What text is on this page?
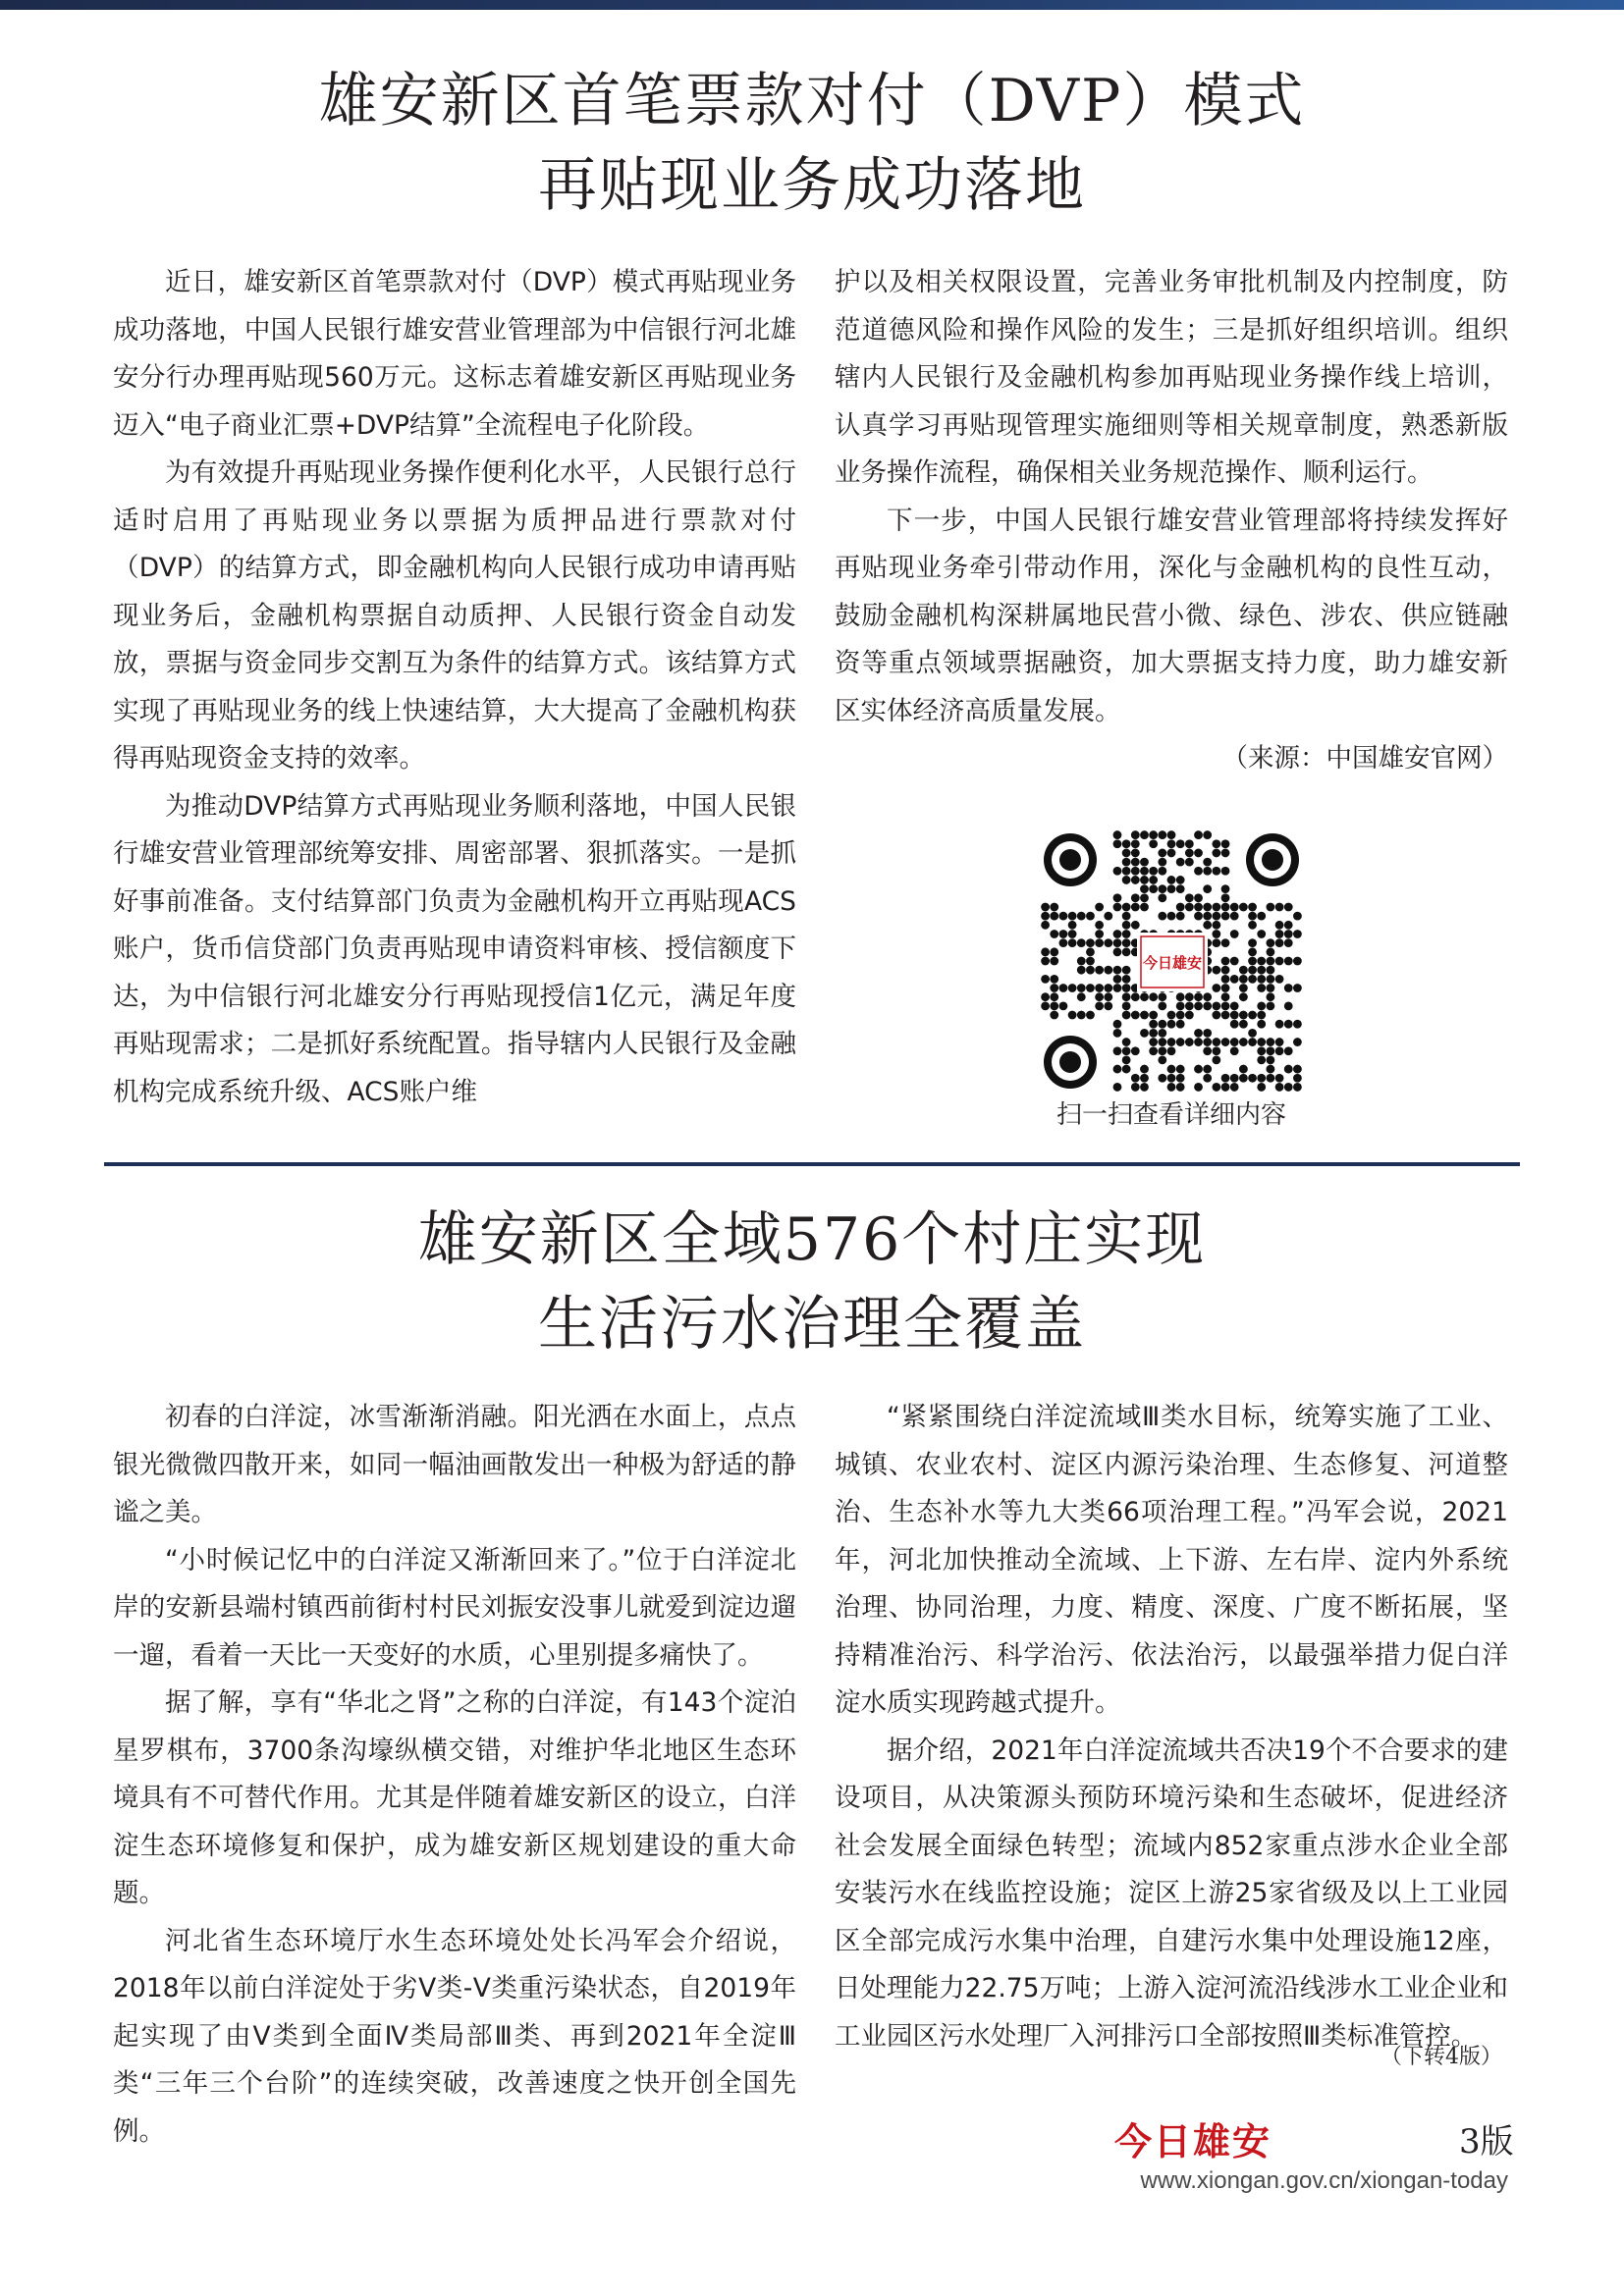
雄安新区首笔票款对付（DVP）模式
再贴现业务成功落地

近日，雄安新区首笔票款对付（DVP）模式再贴现业务成功落地，中国人民银行雄安营业管理部为中信银行河北雄安分行办理再贴现560万元。这标志着雄安新区再贴现业务迈入“电子商业汇票+DVP结算”全流程电子化阶段。

为有效提升再贴现业务操作便利化水平，人民银行总行适时启用了再贴现业务以票据为质押品进行票款对付（DVP）的结算方式，即金融机构向人民银行成功申请再贴现业务后，金融机构票据自动质押、人民银行资金自动发放，票据与资金同步交割互为条件的结算方式。该结算方式实现了再贴现业务的线上快速结算，大大提高了金融机构获得再贴现资金支持的效率。

为推动DVP结算方式再贴现业务顺利落地，中国人民银行雄安营业管理部统筹安排、周密部署、狠抓落实。一是抓好事前准备。支付结算部门负责为金融机构开立再贴现ACS账户，货币信贷部门负责再贴现申请资料审核、授信额度下达，为中信银行河北雄安分行再贴现授信1亿元，满足年度再贴现需求；二是抓好系统配置。指导辖内人民银行及金融机构完成系统升级、ACS账户维

护以及相关权限设置，完善业务审批机制及内控制度，防范道德风险和操作风险的发生；三是抓好组织培训。组织辖内人民银行及金融机构参加再贴现业务操作线上培训，认真学习再贴现管理实施细则等相关规章制度，熟悉新版业务操作流程，确保相关业务规范操作、顺利运行。

下一步，中国人民银行雄安营业管理部将持续发挥好再贴现业务牵引带动作用，深化与金融机构的良性互动，鼓励金融机构深耕属地民营小微、绿色、涉农、供应链融资等重点领域票据融资，加大票据支持力度，助力雄安新区实体经济高质量发展。

（来源：中国雄安官网）

今日雄安
扫一扫查看详细内容
雄安新区全域576个村庄实现
生活污水治理全覆盖

初春的白洋淀，冰雪渐渐消融。阳光洒在水面上，点点银光微微四散开来，如同一幅油画散发出一种极为舒适的静谧之美。

“小时候记忆中的白洋淀又渐渐回来了。”位于白洋淀北岸的安新县端村镇西前街村村民刘振安没事儿就爱到淀边遛一遛，看着一天比一天变好的水质，心里别提多痛快了。

据了解，享有“华北之肾”之称的白洋淀，有143个淀泊星罗棋布，3700条沟壕纵横交错，对维护华北地区生态环境具有不可替代作用。尤其是伴随着雄安新区的设立，白洋淀生态环境修复和保护，成为雄安新区规划建设的重大命题。

河北省生态环境厅水生态环境处处长冯军会介绍说，2018年以前白洋淀处于劣Ⅴ类-Ⅴ类重污染状态，自2019年起实现了由Ⅴ类到全面Ⅳ类局部Ⅲ类、再到2021年全淀Ⅲ类“三年三个台阶”的连续突破，改善速度之快开创全国先例。

“紧紧围绕白洋淀流域Ⅲ类水目标，统筹实施了工业、城镇、农业农村、淀区内源污染治理、生态修复、河道整治、生态补水等九大类66项治理工程。”冯军会说，2021年，河北加快推动全流域、上下游、左右岸、淀内外系统治理、协同治理，力度、精度、深度、广度不断拓展，坚持精准治污、科学治污、依法治污，以最强举措力促白洋淀水质实现跨越式提升。

据介绍，2021年白洋淀流域共否决19个不合要求的建设项目，从决策源头预防环境污染和生态破坏，促进经济社会发展全面绿色转型；流域内852家重点涉水企业全部安装污水在线监控设施；淀区上游25家省级及以上工业园区全部完成污水集中治理，自建污水集中处理设施12座，日处理能力22.75万吨；上游入淀河流沿线涉水工业企业和工业园区污水处理厂入河排污口全部按照Ⅲ类标准管控。

（下转4版）
今日雄安	3版
www.xiongan.gov.cn/xiongan-today
